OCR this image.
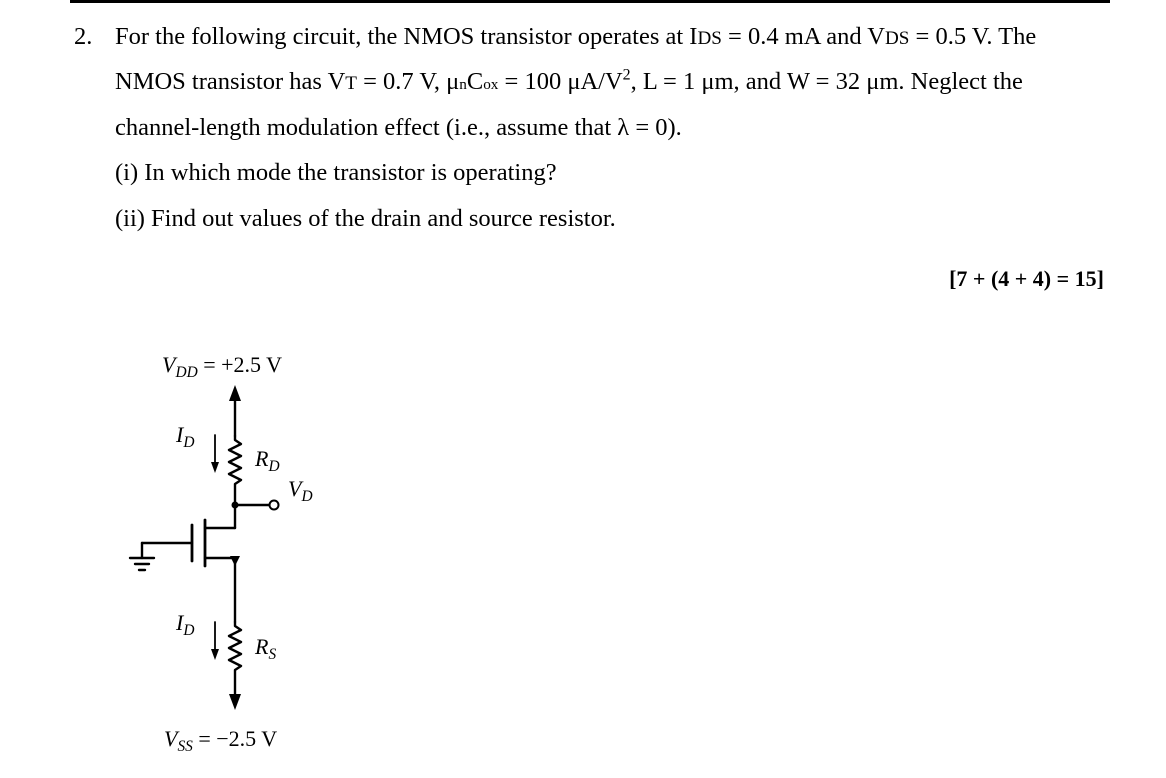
2. For the following circuit, the NMOS transistor operates at IDS = 0.4 mA and VDS = 0.5 V. The
NMOS transistor has VT = 0.7 V, μnCox = 100 $\mu A/V^2$, L = 1 μm, and W = 32 μm. Neglect the
channel-length modulation effect (i.e., assume that λ = 0).
(i) In which mode the transistor is operating?
(ii) Find out values of the drain and source resistor.
[7 + (4 + 4) = 15]
$V_{DD} = +2.5$ V
$I_D$
$R_D$
$V_D$
$I_D$
$R_S$
$V_{SS} = -2.5$ V
